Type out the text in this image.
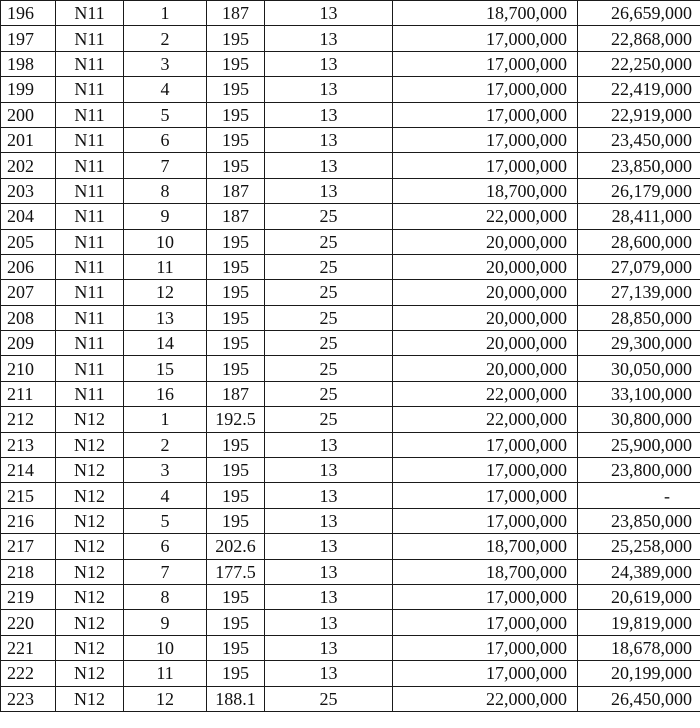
196	N11	1	187	13	18,700,000	26,659,000
197	N11	2	195	13	17,000,000	22,868,000
198	N11	3	195	13	17,000,000	22,250,000
199	N11	4	195	13	17,000,000	22,419,000
200	N11	5	195	13	17,000,000	22,919,000
201	N11	6	195	13	17,000,000	23,450,000
202	N11	7	195	13	17,000,000	23,850,000
203	N11	8	187	13	18,700,000	26,179,000
204	N11	9	187	25	22,000,000	28,411,000
205	N11	10	195	25	20,000,000	28,600,000
206	N11	11	195	25	20,000,000	27,079,000
207	N11	12	195	25	20,000,000	27,139,000
208	N11	13	195	25	20,000,000	28,850,000
209	N11	14	195	25	20,000,000	29,300,000
210	N11	15	195	25	20,000,000	30,050,000
211	N11	16	187	25	22,000,000	33,100,000
212	N12	1	192.5	25	22,000,000	30,800,000
213	N12	2	195	13	17,000,000	25,900,000
214	N12	3	195	13	17,000,000	23,800,000
215	N12	4	195	13	17,000,000	-
216	N12	5	195	13	17,000,000	23,850,000
217	N12	6	202.6	13	18,700,000	25,258,000
218	N12	7	177.5	13	18,700,000	24,389,000
219	N12	8	195	13	17,000,000	20,619,000
220	N12	9	195	13	17,000,000	19,819,000
221	N12	10	195	13	17,000,000	18,678,000
222	N12	11	195	13	17,000,000	20,199,000
223	N12	12	188.1	25	22,000,000	26,450,000
